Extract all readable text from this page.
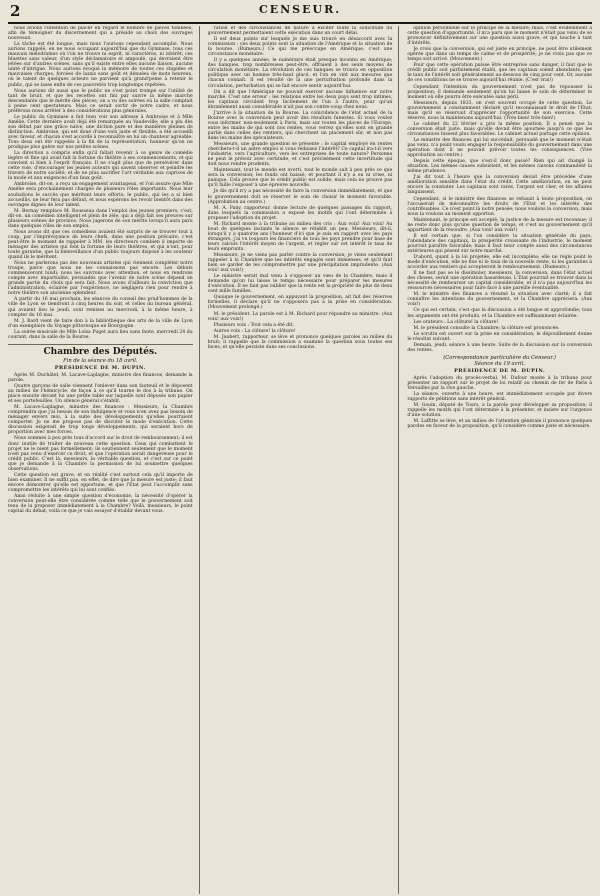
2	CENSEUR.

nous avions l'intention de placer en regard le nombre de pièces tombées, afin de témoigner du discernement qui a présidé au choix des ouvrages nouveaux.

La tâche est été longue, mais nous l'aurions cependant accomplie. Nous aurions rappelé, en ne nous occupant aujourd'hui que du Gymnase, tous ces mauvais mélodrames où l'on ne trouve ni esprit, ni caractères, ni intérêt; ces bluettes sans valeur, d'un style déclamatoire et ampoulé, qui devraient être jetées sur d'autres scènes, sans qu'il existe entre elles aucune liaison, aucune unité d'intrigue. Nous aurions évoqué la mémoire de toutes ces stupides et mauvaises charges, forcées de lazzis sans goût et dénuées de mots heureux, où le talent de quelques acteurs ne parvient qu'à grand'peine à retenir le public, qui se lasse enfin de ces pauvretés trop longtemps répétées.

Nous aurions dit aussi que le public ne s'est point trompé sur l'utilité de tant de bruit, et que les recettes ont fini par suivre la même marche descendante que le mérite des pièces; on a vu des soirées où la salle comptait à peine cent spectateurs. Mais ce serait sortir de notre cadre, et nous préférons nous arrêter à des considérations plus générales.

Le public du Gymnase a fait bien voir son adresse à Ambroise et à Mlle Amélie. Cette dernière avait déjà été remarquée au Vaudeville; elle a plu dès son début par une grâce naïve, une diction pure et des manières pleines de distinction. Ambroise, qui est doué d'une voix juste et flexible, a été accueilli avec faveur, et chacun s'est accordé à reconnaître en lui un chanteur agréable. Tous deux ont été rappelés à la fin de la représentation, honneur qu'on ne prodigue plus guère sur nos petites scènes.

La direction a compris enfin qu'il fallait revenir à ce genre de comédie légère et fine qui avait fait la fortune du théâtre à ses commencements, et qui convient si bien à l'esprit français. Il ne s'agit plus que de persévérer dans cette voie, d'encourager les jeunes auteurs qui savent observer et peindre les travers de notre société, et de ne plus sacrifier l'art véritable aux caprices de la mode et aux exigences d'un faux goût.

Ambroise, dit-on, a reçu un engagement avantageux, et l'on assure que Mlle Amélie sera prochainement chargée de plusieurs rôles importants. Nous leur souhaitons le succès que méritent leurs efforts; le public, qui les a si bien accueillis, ne leur fera pas défaut, et nous espérons les revoir bientôt dans des ouvrages dignes de leur talent.

M. Bernay remplace M. Rousseau dans l'emploi des jeunes premiers; c'est, dit-on, un comédien intelligent et plein de zèle, qui a déjà fait ses preuves sur plusieurs scènes de province. Nous jugerons de son mérite lorsqu'il aura paru dans quelques rôles de son emploi.

Nous avons dit que ces comédiens avaient été surpris de se trouver tout à coup, par l'imprévoyance de leurs chefs, dans une position précaire; c'est peut-être le moment de rappeler à MM. les directeurs combien il importe de ménager des artistes qui font la fortune de leurs théâtres, et qui n'ont, pour toute garantie, que la bienveillance d'un public toujours disposé à les soutenir quand ils le méritent.

Nous ne parlerons pas des nouveaux artistes qui viennent compléter notre troupe, parce que nous ne les connaissons pas encore. Les débuts commenceront lundi; nous les suivrons avec attention, et nous en rendrons compte avec impartialité, persuadés que l'avenir de notre scène dépend en grande partie du choix qui sera fait. Nous avons d'ailleurs la conviction que l'administration, éclairée par l'expérience, ne négligera rien pour rendre à notre théâtre son ancienne splendeur.

A partir du 16 mai prochain, les séances du conseil des prud'hommes de la ville de Lyon se tiendront à cinq heures du soir, et celles du bureau général, qui avaient lieu le jeudi, sont remises au mercredi, à la même heure, à compter du 16 mai.

M. J. Bard vient de faire don à la bibliothèque des arts de la ville de Lyon d'un exemplaire du Voyage pittoresque en Bourgogne.

La soirée musicale de Mlle Loïsa Puget aura lieu sans faute, mercredi 24 du courant, dans la salle de la Bourse.

Chambre des Députés.
Fin de la séance du 18 avril.
PRÉSIDENCE DE M. DUPIN.

Après M. Duchâtel, M. Lacave-Laplagne, ministre des finances, demande la parole.

Quatre garçons de salle viennent l'enlever dans son fauteuil et le déposent au milieu de l'hémicycle, de façon à ce qu'il tourne le dos à la tribune. On place ensuite devant lui une petite table sur laquelle sont déposés son papier et ses portefeuilles. Un silence général s'établit.

M. Lacave-Laplagne, ministre des finances : Messieurs, la Chambre comprendra que j'ai besoin de son indulgence et vous n'en avez pas besoin de ménager envers moi, à la suite des développements qu'elles pourraient comporter. Je ne me propose pas de discuter le mode d'exécution. Cette discussion exigerait de trop longs développements, qui seraient hors de proportion avec mes forces.

Nous sommes à peu près tous d'accord sur le droit de remboursement; il est donc inutile de traiter de nouveau cette question. Ceux qui combattent le projet ne le nient pas formellement; ils soutiennent seulement que le moment n'est pas venu d'exercer ce droit, et que l'opération serait dangereuse pour le crédit public. C'est là, messieurs, la véritable question, et c'est sur ce point que je demande à la Chambre la permission de lui soumettre quelques observations.

Cette question est grave, et en réalité c'est surtout cela qu'il importe de bien examiner. Il ne suffit pas, en effet, de dire que la mesure est juste; il faut encore démontrer qu'elle est opportune, et que l'État peut l'accomplir sans compromettre les intérêts qui lui sont confiés.

Ainsi réduite à une simple question d'économie, la nécessité d'opérer la conversion peut-elle être considérée comme telle que le gouvernement soit tenu de la proposer immédiatement à la Chambre? Voilà, messieurs, le point capital du débat; voilà ce que je vais essayer d'établir devant vous.

ration et des circonstances de nature à exciter toute la sollicitude du gouvernement permettaient cette exécution dans un court délai.

Il est deux points sur lesquels je me suis trouvé en désaccord avec la commission : ces deux points sont la situation de l'Amérique et la situation de la bourse. (Rumeurs.) Ce qui me préoccupe en Amérique, c'est une circonstance monétaire.

Il y a quelques années, le numéraire était presque inconnu en Amérique; des banques, trop nombreuses peut-être, offraient à des seuls moyens de circulation monétaire. La révolution de ces banques se trouva en opposition politique avec un homme très-haut placé, et l'on en vint aux mesures que chacun connaît. Il est résulté de là une perturbation profonde dans la circulation, perturbation qui se fait encore sentir aujourd'hui.

On a dit que l'Amérique ne pouvait exercer aucune influence sur notre marché. C'est une erreur : les relations entre les deux pays sont trop intimes, les capitaux circulent trop facilement de l'un à l'autre, pour qu'un ébranlement aussi considérable n'ait pas son contre-coup chez nous.

J'arrive à la situation de la Bourse. La coïncidence de l'état actuel de la Bourse avec la conversion peut avoir des résultats funestes. Si vous voulez vous informer, non-seulement à Paris, mais sur toutes les places de l'Europe, entre les mains de qui sont nos rentes, vous verrez qu'elles sont en grande partie dans celles des rentiers, qui cherchent un placement sûr, et non pas dans les mains des spéculateurs.

Messieurs, une grande question se présente : le capital employé en rentes cherchera-t-il un autre emploi si vous réduisez l'intérêt? Ce capital ira-t-il vers l'industrie, vers l'agriculture, vers les entreprises de toute nature? Personne ne peut le prévoir avec certitude, et c'est précisément cette incertitude qui doit nous rendre prudents.

Maintenant, tout le monde est averti, tout le monde sait à peu près ce que sera la conversion; les fonds ont baissé, et pourtant il n'y a eu ni crise, ni panique. Cela prouve que le crédit public est solide; mais cela ne prouve pas qu'il faille l'exposer à une épreuve nouvelle.

Je dis qu'il n'y a pas nécessité de faire la conversion immédiatement, et que le gouvernement doit se réserver le soin de choisir le moment favorable. (Approbation au centre.)

M. A. Pany, rapporteur, donne lecture de quelques passages du rapport, dans lesquels la commission a exposé les motifs qui l'ont déterminée à proposer l'adoption du projet.

M. Richard monte à la tribune au milieu des cris : Aux voix! Aux voix! Au bout de quelques instants le silence se rétablit un peu. Messieurs, dit-il, lorsqu'il y a quatorze ans l'honneur d'ici que je suis en rapport avec les pays étrangers, j'ai vu toujours les financiers de tous les pays prendre pour base de leurs calculs l'intérêt moyen de l'argent, et régler sur cet intérêt le taux de leurs emprunts.

Messieurs, je ne viens pas parler contre la conversion; je viens seulement rappeler à la Chambre que les intérêts engagés sont immenses, et qu'il faut bien se garder de les compromettre par une précipitation imprudente. (Aux voix! aux voix!)

Le ministre serait mal venu à s'opposer au vœu de la Chambre, mais il demande qu'on lui laisse le temps nécessaire pour préparer les mesures d'exécution. Il ne faut pas oublier que la rente est la propriété de plus de deux cent mille familles.

Quoique le gouvernement, en appuyant la proposition, ait fait des réserves formelles, il déclare qu'il ne s'opposera pas à la prise en considération. (Mouvement prolongé.)

M. le président. La parole est à M. Richard pour répondre au ministre. (Aux voix! aux voix!)

Plusieurs voix : Tout cela a été dit.

Autres voix : La clôture! la clôture!

M. Jaubert, rapporteur, se lève et prononce quelques paroles au milieu du bruit; il rappelle que la commission a examiné la question sous toutes ses faces, et qu'elle persiste dans ses conclusions.

opinion personnelle sur le principe de la mesure; mais, c'est évidemment à cette question d'opportunité, il m'a paru que le moment n'était pas venu de se prononcer définitivement sur une question aussi grave, et qui touche à tant d'intérêts.

Je crois que la conversion, qui est juste en principe, ne peut être utilement opérée que dans un temps de calme et de prospérité; je ne crois pas que ce temps soit arrivé. (Mouvement.)

Pour que cette opération puisse être entreprise sans danger, il faut que le crédit public soit parfaitement établi, que les capitaux soient abondants, que le taux de l'intérêt soit généralement au-dessous de cinq pour cent. Or, aucune de ces conditions ne se trouve aujourd'hui réunie. (C'est vrai!)

Cependant l'intention du gouvernement n'est pas de repousser la proposition; il demande seulement qu'on lui laisse le soin de déterminer le moment où elle pourra être exécutée sans péril.

Messieurs, depuis 1833, on s'est souvent occupé de cette question. Le gouvernement a constamment déclaré qu'il reconnaissait le droit de l'État, mais qu'il se réservait d'apprécier l'opportunité de son exercice. Cette réserve, nous la maintenons aujourd'hui. (Très-bien! très-bien!)

Le cabinet du 22 février a pris la même position. Il a pensé que la conversion était juste, mais qu'elle devait être ajournée jusqu'à ce que les circonstances fussent plus favorables. Le cabinet actuel partage cette opinion.

Le ministre des finances qui lui succédait, persuadé que le moment n'était pas venu, n'a point voulu engager la responsabilité du gouvernement dans une opération dont il ne pouvait prévoir toutes les conséquences. (Vive approbation au centre.)

Depuis cette époque, que s'est-il donc passé? Rien qui ait changé la situation. Les mêmes causes subsistent, et les mêmes raisons commandent la même prudence.

J'ai dit tout à l'heure que la conversion devait être précédée d'une amélioration sensible dans l'état du crédit. Cette amélioration, on ne peut encore la constater. Les capitaux sont rares, l'argent est cher, et les affaires languissent.

Cependant, si le ministre des finances se refusait à toute proposition, on l'accuserait de méconnaître les droits de l'État et les intérêts des contribuables. Ce n'est point là notre pensée; nous voulons la conversion, mais nous la voulons au moment opportun.

Maintenant, le principe est accepté; la justice de la mesure est reconnue; il ne reste donc plus qu'une question de temps, et c'est au gouvernement qu'il appartient de la résoudre. (Aux voix! aux voix!)

Il est certain que, si l'on considère la situation générale du pays, l'abondance des capitaux, la prospérité croissante de l'industrie, le moment pourrait paraître favorable; mais il faut tenir compte aussi des circonstances extérieures qui pèsent sur notre marché.

D'abord, quant à la loi projetée, elle est incomplète; elle ne règle point le mode d'exécution, elle ne fixe ni le taux de la nouvelle rente, ni les garanties à accorder aux rentiers qui accepteront le remboursement. (Rumeurs.)

Il ne faut pas se le dissimuler, messieurs, la conversion, dans l'état actuel des choses, serait une opération hasardeuse. L'État pourrait se trouver dans la nécessité de rembourser un capital considérable, et il n'a pas aujourd'hui les ressources nécessaires pour faire face à une pareille éventualité.

M. le ministre des finances a résumé la situation avec clarté; il a fait connaître les intentions du gouvernement, et la Chambre appréciera. (Aux voix!)

Ce qui est certain, c'est que la discussion a été longue et approfondie; tous les arguments ont été produits, et la Chambre est suffisamment éclairée.

Les orateurs : La clôture! la clôture!

M. le président consulte la Chambre; la clôture est prononcée.

Le scrutin est ouvert sur la prise en considération; le dépouillement donne le résultat suivant.

Demain, jeudi, séance à une heure. Suite de la discussion sur la conversion des rentes.

(Correspondance particulière du Censeur.)
Séance du 19 avril.
PRÉSIDENCE DE M. DUPIN.

Après l'adoption du procès-verbal, M. Dufour monte à la tribune pour présenter un rapport sur le projet de loi relatif au chemin de fer de Paris à Versailles par la rive gauche.

La séance, ouverte à une heure, est immédiatement occupée par divers rapports de pétitions sans intérêt général.

M. Gouin, député de Tours, a la parole pour développer sa proposition; il rappelle les motifs qui l'ont déterminé à la présenter, et insiste sur l'urgence d'une solution.

M. Laffitte se lève, et au milieu de l'attention générale il prononce quelques paroles en faveur de la proposition, qu'il considère comme juste et nécessaire.
